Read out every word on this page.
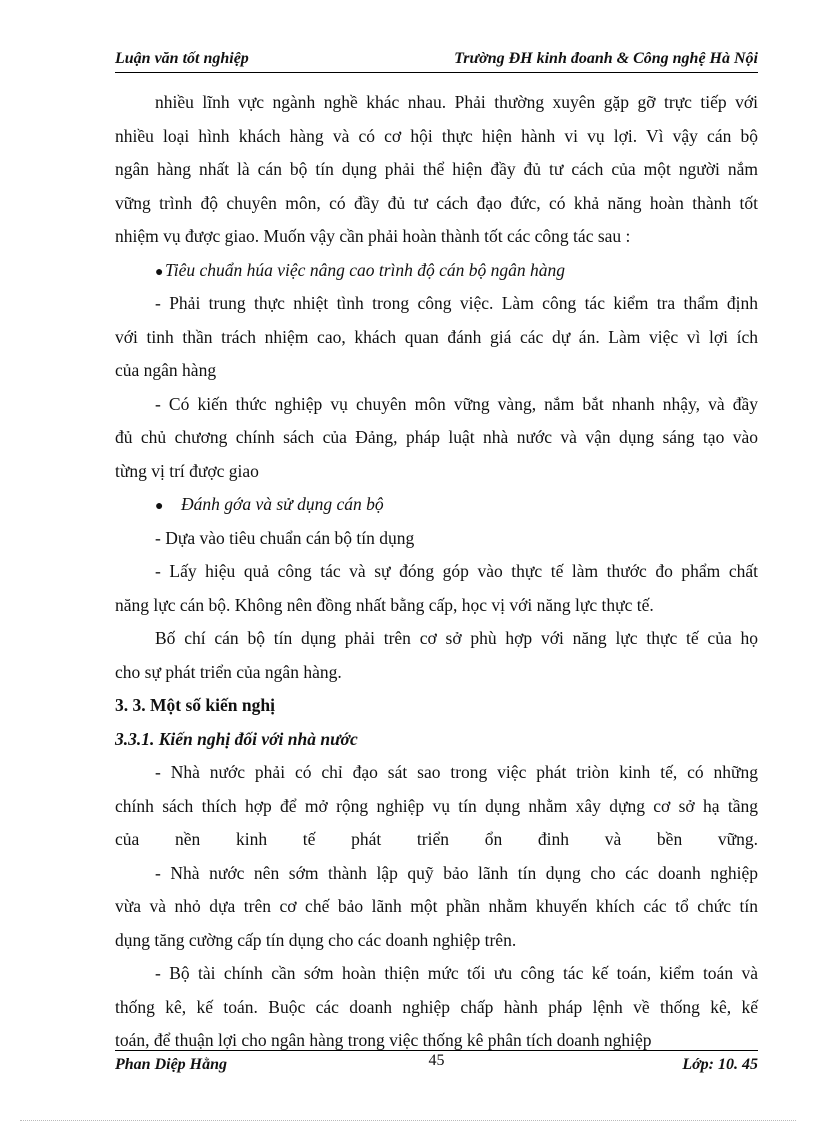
Luận văn tốt nghiệp	Trường ĐH kinh đoanh & Công nghệ Hà Nội
nhiều lĩnh vực ngành nghề khác nhau. Phải thường xuyên gặp gỡ trực tiếp với
nhiều loại hình khách hàng và có cơ hội thực hiện hành vi vụ lợi. Vì vậy cán bộ
ngân hàng nhất là cán bộ tín dụng phải thể hiện đầy đủ tư cách của một người nắm
vững trình độ chuyên môn, có đầy đủ tư cách đạo đức, có khả năng hoàn thành tốt
nhiệm vụ được giao. Muốn vậy cần phải hoàn thành tốt các công tác sau :
●Tiêu chuẩn húa việc nâng cao trình độ cán bộ ngân hàng
- Phải trung thực nhiệt tình trong công việc. Làm công tác kiểm tra thẩm định
với tinh thần trách nhiệm cao, khách quan đánh giá các dự án. Làm việc vì lợi ích
của ngân hàng
- Có kiến thức nghiệp vụ chuyên môn vững vàng, nắm bắt nhanh nhậy, và đầy
đủ chủ chương chính sách của Đảng, pháp luật nhà nước và vận dụng sáng tạo vào
từng vị trí được giao
● Đánh gớa và sử dụng cán bộ
- Dựa vào tiêu chuẩn cán bộ tín dụng
- Lấy hiệu quả công tác và sự đóng góp vào thực tế làm thước đo phẩm chất
năng lực cán bộ. Không nên đồng nhất bằng cấp, học vị với năng lực thực tế.
Bố chí cán bộ tín dụng phải trên cơ sở phù hợp với năng lực thực tế của họ
cho sự phát triển của ngân hàng.
3. 3. Một số kiến nghị
3.3.1. Kiến nghị đối với nhà nước
- Nhà nước phải có chỉ đạo sát sao trong việc phát triòn kinh tế, có những
chính sách thích hợp để mở rộng nghiệp vụ tín dụng nhằm xây dựng cơ sở hạ tầng
của nền kinh tế phát triển ổn đinh và bền vững.
- Nhà nước nên sớm thành lập quỹ bảo lãnh tín dụng cho các doanh nghiệp
vừa và nhỏ dựa trên cơ chế bảo lãnh một phần nhằm khuyến khích các tổ chức tín
dụng tăng cường cấp tín dụng cho các doanh nghiệp trên.
- Bộ tài chính cần sớm hoàn thiện mức tối ưu công tác kế toán, kiểm toán và
thống kê, kế toán. Buộc các doanh nghiệp chấp hành pháp lệnh về thống kê, kế
toán, để thuận lợi cho ngân hàng trong việc thống kê phân tích doanh nghiệp
Phan Diệp Hằng	45	Lớp: 10. 45
